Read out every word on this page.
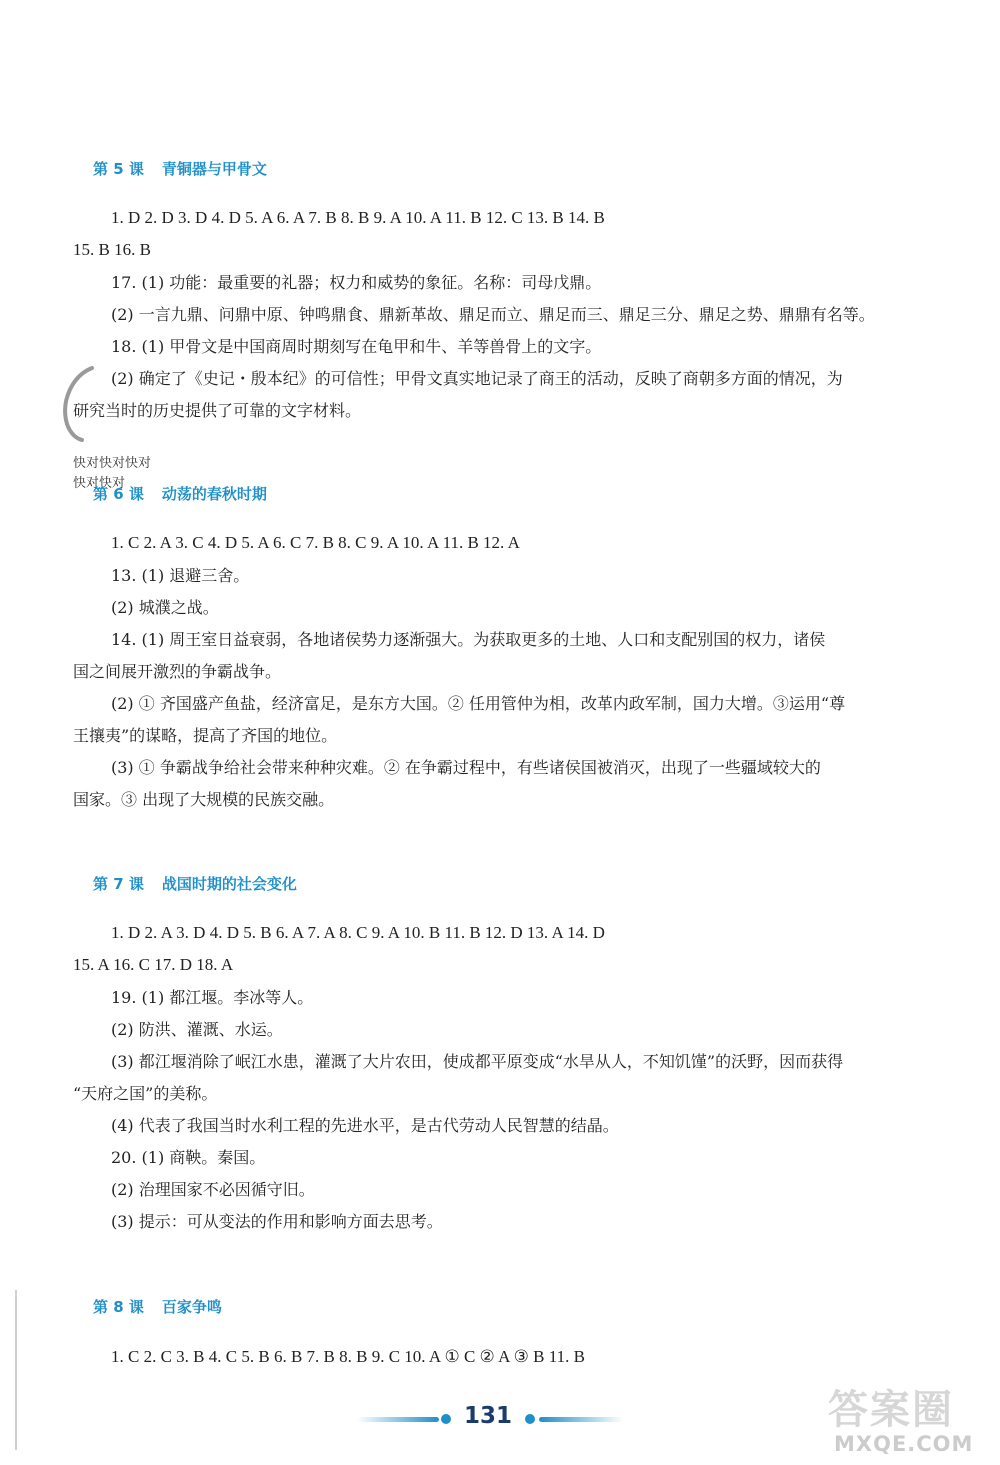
第 5 课 青铜器与甲骨文
1. D 2. D 3. D 4. D 5. A 6. A 7. B 8. B 9. A 10. A 11. B 12. C 13. B 14. B
15. B 16. B
17. (1) 功能：最重要的礼器；权力和威势的象征。名称：司母戊鼎。
(2) 一言九鼎、问鼎中原、钟鸣鼎食、鼎新革故、鼎足而立、鼎足而三、鼎足三分、鼎足之势、鼎鼎有名等。
18. (1) 甲骨文是中国商周时期刻写在龟甲和牛、羊等兽骨上的文字。
(2) 确定了《史记・殷本纪》的可信性；甲骨文真实地记录了商王的活动，反映了商朝多方面的情况，为
研究当时的历史提供了可靠的文字材料。
快对快对快对
快对快对
第 6 课 动荡的春秋时期
1. C 2. A 3. C 4. D 5. A 6. C 7. B 8. C 9. A 10. A 11. B 12. A
13. (1) 退避三舍。
(2) 城濮之战。
14. (1) 周王室日益衰弱，各地诸侯势力逐渐强大。为获取更多的土地、人口和支配别国的权力，诸侯
国之间展开激烈的争霸战争。
(2) ① 齐国盛产鱼盐，经济富足，是东方大国。② 任用管仲为相，改革内政军制，国力大增。③运用“尊
王攘夷”的谋略，提高了齐国的地位。
(3) ① 争霸战争给社会带来种种灾难。② 在争霸过程中，有些诸侯国被消灭，出现了一些疆域较大的
国家。③ 出现了大规模的民族交融。
第 7 课 战国时期的社会变化
1. D 2. A 3. D 4. D 5. B 6. A 7. A 8. C 9. A 10. B 11. B 12. D 13. A 14. D
15. A 16. C 17. D 18. A
19. (1) 都江堰。李冰等人。
(2) 防洪、灌溉、水运。
(3) 都江堰消除了岷江水患，灌溉了大片农田，使成都平原变成“水旱从人，不知饥馑”的沃野，因而获得
“天府之国”的美称。
(4) 代表了我国当时水利工程的先进水平，是古代劳动人民智慧的结晶。
20. (1) 商鞅。秦国。
(2) 治理国家不必因循守旧。
(3) 提示：可从变法的作用和影响方面去思考。
第 8 课 百家争鸣
1. C 2. C 3. B 4. C 5. B 6. B 7. B 8. B 9. C 10. A ① C ② A ③ B 11. B
131	答案圈
MXQE.COM
